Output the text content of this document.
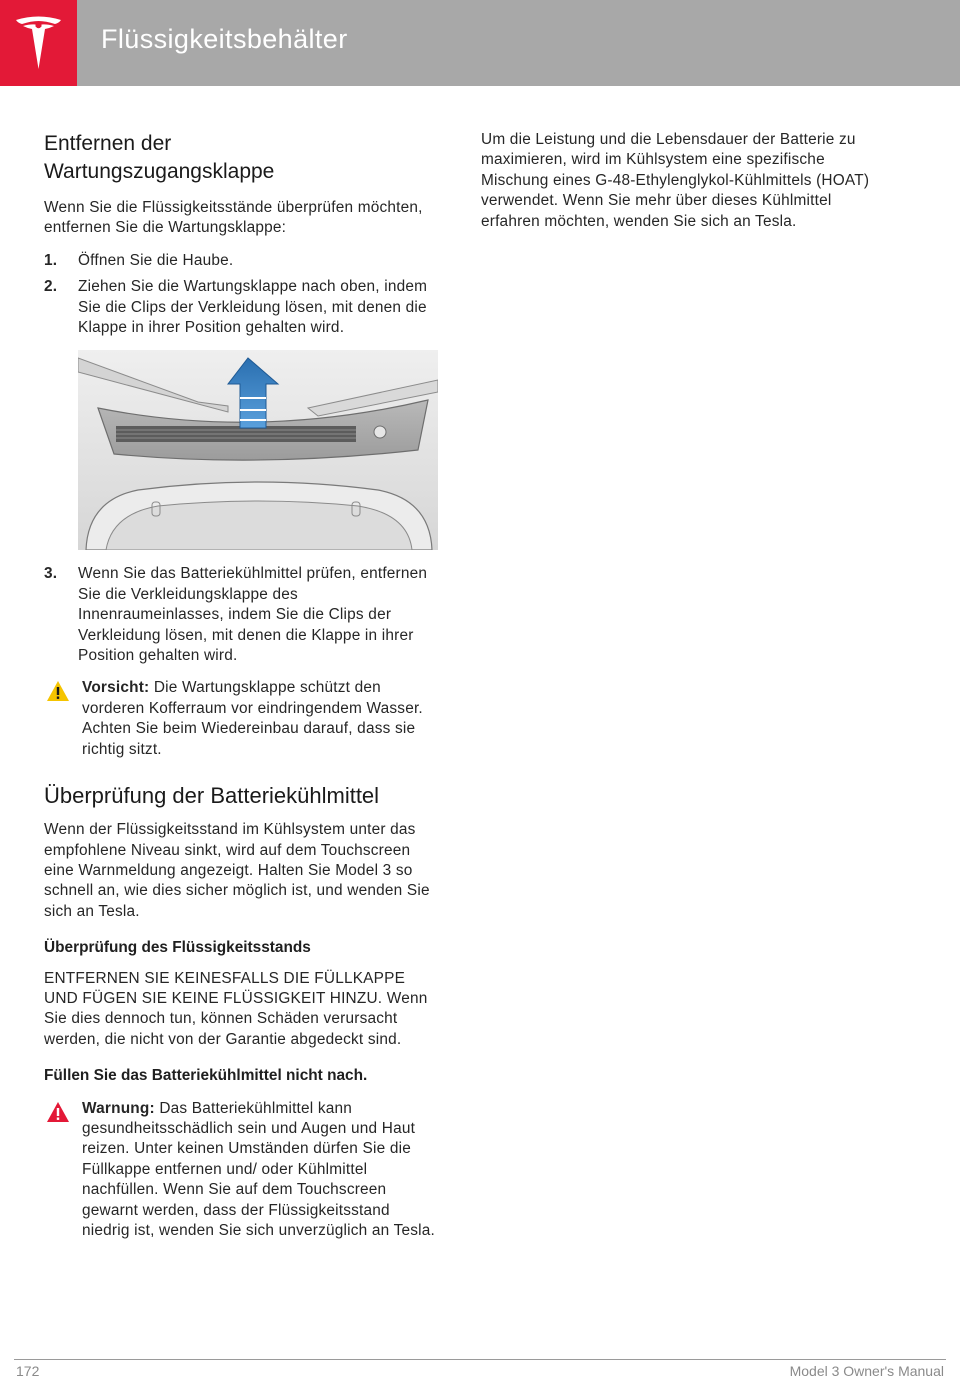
Flüssigkeitsbehälter
Entfernen der
Wartungszugangsklappe

Wenn Sie die Flüssigkeitsstände überprüfen möchten, entfernen Sie die Wartungsklappe:

1. Öffnen Sie die Haube.
2. Ziehen Sie die Wartungsklappe nach oben, indem Sie die Clips der Verkleidung lösen, mit denen die Klappe in ihrer Position gehalten wird.
3. Wenn Sie das Batteriekühlmittel prüfen, entfernen Sie die Verkleidungsklappe des Innenraumeinlasses, indem Sie die Clips der Verkleidung lösen, mit denen die Klappe in ihrer Position gehalten wird.
Vorsicht: Die Wartungsklappe schützt den vorderen Kofferraum vor eindringendem Wasser. Achten Sie beim Wiedereinbau darauf, dass sie richtig sitzt.
Überprüfung der Batteriekühlmittel

Wenn der Flüssigkeitsstand im Kühlsystem unter das empfohlene Niveau sinkt, wird auf dem Touchscreen eine Warnmeldung angezeigt. Halten Sie Model 3 so schnell an, wie dies sicher möglich ist, und wenden Sie sich an Tesla.

Überprüfung des Flüssigkeitsstands

ENTFERNEN SIE KEINESFALLS DIE FÜLLKAPPE UND FÜGEN SIE KEINE FLÜSSIGKEIT HINZU. Wenn Sie dies dennoch tun, können Schäden verursacht werden, die nicht von der Garantie abgedeckt sind.

Füllen Sie das Batteriekühlmittel nicht nach.
Warnung: Das Batteriekühlmittel kann gesundheitsschädlich sein und Augen und Haut reizen. Unter keinen Umständen dürfen Sie die Füllkappe entfernen und/ oder Kühlmittel nachfüllen. Wenn Sie auf dem Touchscreen gewarnt werden, dass der Flüssigkeitsstand niedrig ist, wenden Sie sich unverzüglich an Tesla.

Um die Leistung und die Lebensdauer der Batterie zu maximieren, wird im Kühlsystem eine spezifische Mischung eines G-48-Ethylenglykol-Kühlmittels (HOAT) verwendet. Wenn Sie mehr über dieses Kühlmittel erfahren möchten, wenden Sie sich an Tesla.

172	Model 3 Owner's Manual
